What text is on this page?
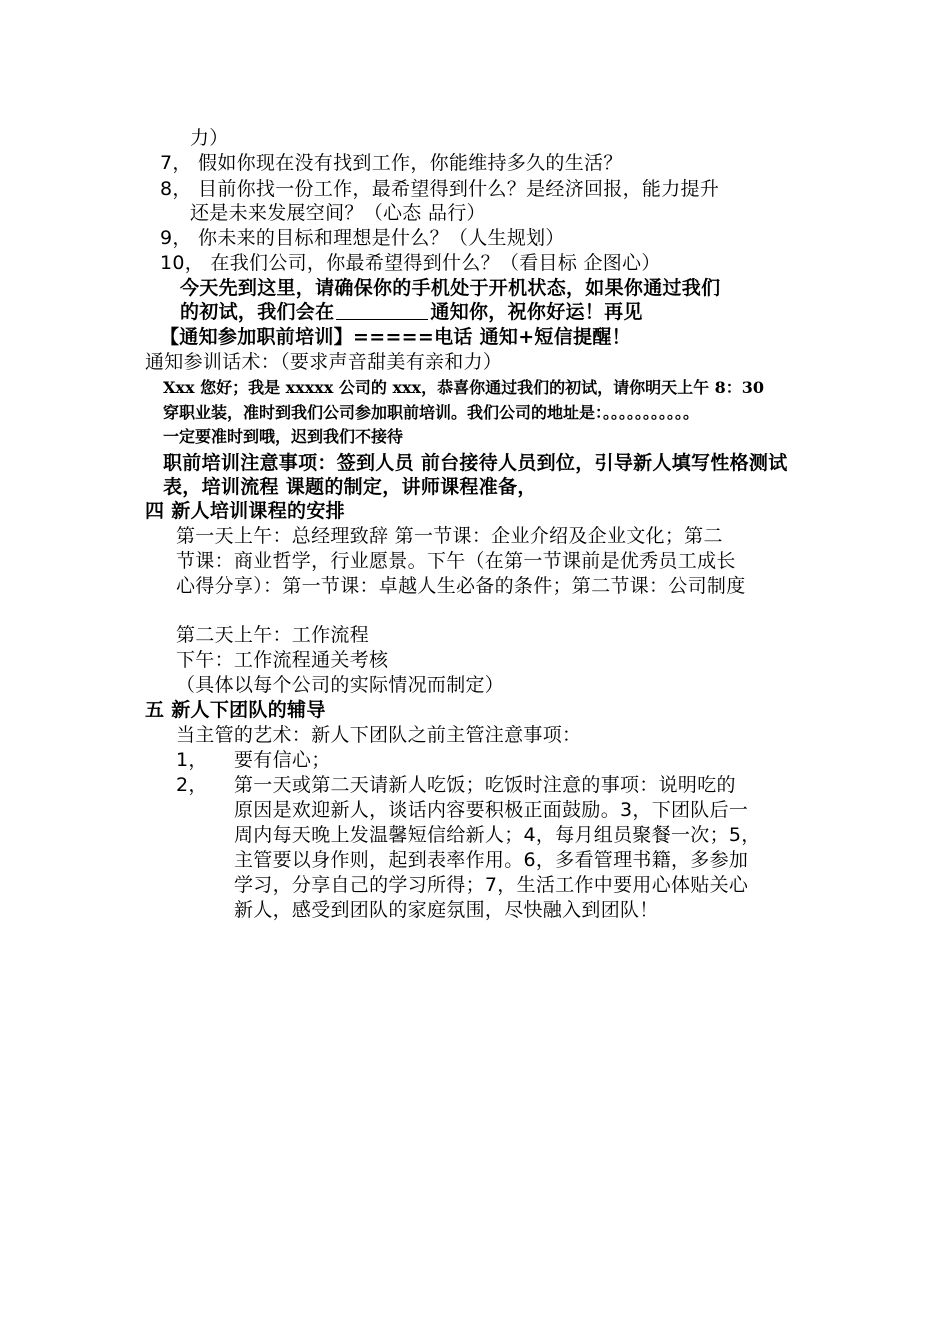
力）
7， 假如你现在没有找到工作，你能维持多久的生活？
8， 目前你找一份工作，最希望得到什么？是经济回报，能力提升
还是未来发展空间？（心态 品行）
9， 你未来的目标和理想是什么？（人生规划）
10， 在我们公司，你最希望得到什么？（看目标 企图心）
今天先到这里，请确保你的手机处于开机状态，如果你通过我们
的初试，我们会在	通知你，祝你好运！再见
【通知参加职前培训】=====电话 通知+短信提醒！
通知参训话术：（要求声音甜美有亲和力）
Xxx 您好；我是 xxxxx 公司的 xxx，恭喜你通过我们的初试，请你明天上午 8：30
穿职业装，准时到我们公司参加职前培训。我们公司的地址是：。。。。。。。。。。。
一定要准时到哦，迟到我们不接待
职前培训注意事项：签到人员 前台接待人员到位，引导新人填写性格测试
表，培训流程 课题的制定，讲师课程准备，
四 新人培训课程的安排
第一天上午：总经理致辞 第一节课：企业介绍及企业文化；第二
节课：商业哲学，行业愿景。下午（在第一节课前是优秀员工成长
心得分享）：第一节课：卓越人生必备的条件；第二节课：公司制度
第二天上午：工作流程
下午：工作流程通关考核
（具体以每个公司的实际情况而制定）
五 新人下团队的辅导
当主管的艺术：新人下团队之前主管注意事项：
1， 要有信心；
2， 第一天或第二天请新人吃饭；吃饭时注意的事项：说明吃的
原因是欢迎新人，谈话内容要积极正面鼓励。3，下团队后一
周内每天晚上发温馨短信给新人；4，每月组员聚餐一次；5，
主管要以身作则，起到表率作用。6，多看管理书籍，多参加
学习，分享自己的学习所得；7，生活工作中要用心体贴关心
新人，感受到团队的家庭氛围，尽快融入到团队！
